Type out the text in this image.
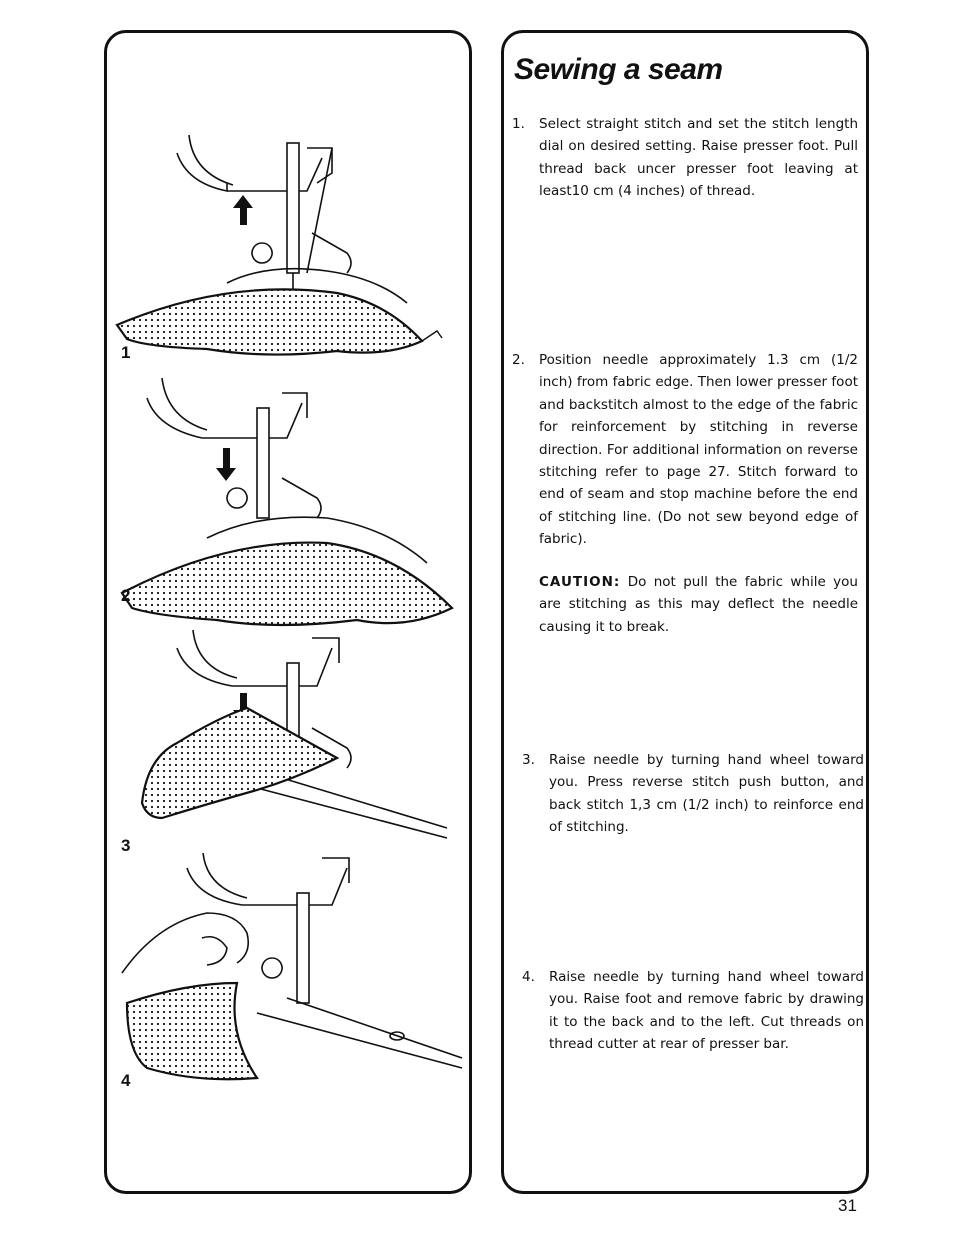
1
2
3
4
Sewing a seam
1. Select straight stitch and set the stitch length dial on desired setting. Raise presser foot. Pull thread back uncer presser foot leaving at least10 cm (4 inches) of thread.
2. Position needle approximately 1.3 cm (1/2 inch) from fabric edge. Then lower presser foot and backstitch almost to the edge of the fabric for reinforcement by stitching in reverse direction. For additional information on reverse stitching refer to page 27. Stitch forward to end of seam and stop machine before the end of stitching line. (Do not sew beyond edge of fabric).
CAUTION: Do not pull the fabric while you are stitching as this may deflect the needle causing it to break.
3. Raise needle by turning hand wheel toward you. Press reverse stitch push button, and back stitch 1,3 cm (1/2 inch) to reinforce end of stitching.
4. Raise needle by turning hand wheel toward you. Raise foot and remove fabric by drawing it to the back and to the left. Cut threads on thread cutter at rear of presser bar.
31
